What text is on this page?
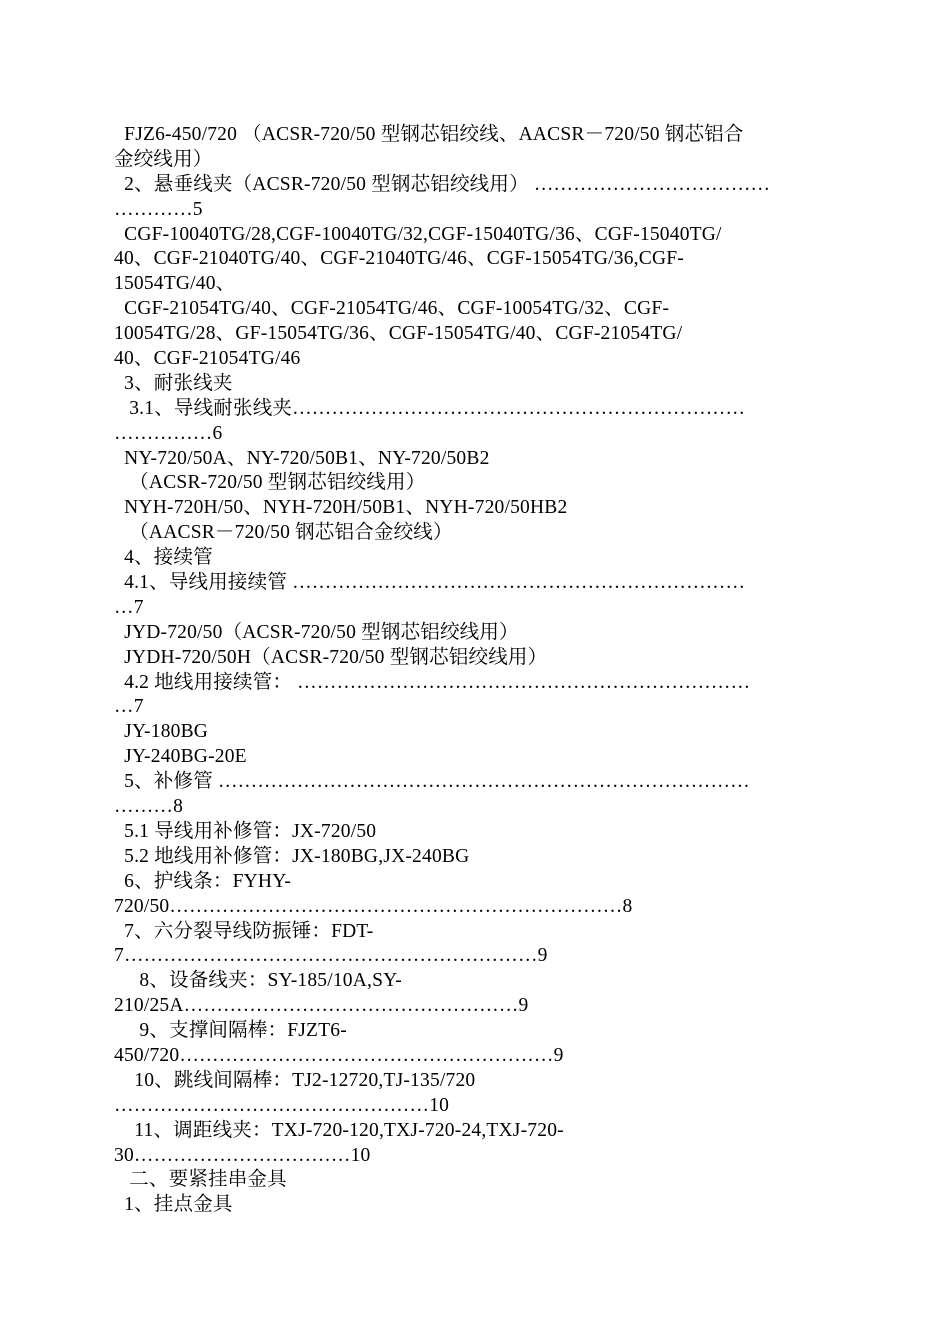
FJZ6-450/720 （ACSR-720/50 型钢芯铝绞线、AACSR－720/50 钢芯铝合
金绞线用）
2、悬垂线夹（ACSR-720/50 型钢芯铝绞线用） ………………………………
…………5
CGF-10040TG/28,CGF-10040TG/32,CGF-15040TG/36、CGF-15040TG/
40、CGF-21040TG/40、CGF-21040TG/46、CGF-15054TG/36,CGF-
15054TG/40、
CGF-21054TG/40、CGF-21054TG/46、CGF-10054TG/32、CGF-
10054TG/28、GF-15054TG/36、CGF-15054TG/40、CGF-21054TG/
40、CGF-21054TG/46
3、耐张线夹
3.1、导线耐张线夹……………………………………………………………
……………6
NY-720/50A、NY-720/50B1、NY-720/50B2
（ACSR-720/50 型钢芯铝绞线用）
NYH-720H/50、NYH-720H/50B1、NYH-720/50HB2
（AACSR－720/50 钢芯铝合金绞线）
4、接续管
4.1、导线用接续管 ……………………………………………………………
…7
JYD-720/50（ACSR-720/50 型钢芯铝绞线用）
JYDH-720/50H（ACSR-720/50 型钢芯铝绞线用）
4.2 地线用接续管： ……………………………………………………………
…7
JY-180BG
JY-240BG-20E
5、补修管 ………………………………………………………………………
………8
5.1 导线用补修管：JX-720/50
5.2 地线用补修管：JX-180BG,JX-240BG
6、护线条：FYHY-
720/50……………………………………………………………8
7、六分裂导线防振锤：FDT-
7………………………………………………………9
8、设备线夹：SY-185/10A,SY-
210/25A……………………………………………9
9、支撑间隔棒：FJZT6-
450/720…………………………………………………9
10、跳线间隔棒：TJ2-12720,TJ-135/720
…………………………………………10
11、调距线夹：TXJ-720-120,TXJ-720-24,TXJ-720-
30……………………………10
二、要紧挂串金具
1、挂点金具
